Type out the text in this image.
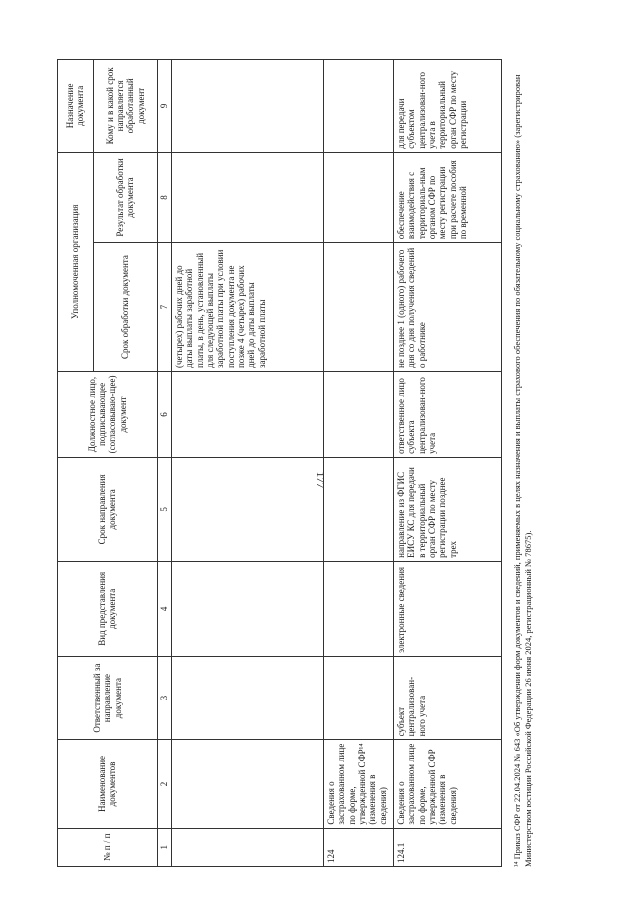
177
№ п / п	Наименование документов	Ответственный за направление документа	Вид представления документа	Срок направления документа	Должностное лицо, подписывающее (согласовываю-щее) документ	Уполномоченная организация		Назначение документа
						Срок обработки документа	Результат обработки документа	Кому и в какой срок направляется обработанный документ
1	2	3	4	5	6	7	8	9
						(четырех) рабочих дней до даты выплаты заработной платы, в день, установленный для следующей выплаты заработной платы при условии поступления документа не позже 4 (четырех) рабочих дней до даты выплаты заработной платы		
124	Сведения о застрахованном лице по форме, утвержденной СФР¹⁴ (изменения в сведения)							
124.1	Сведения о застрахованном лице по форме, утвержденной СФР (изменения в сведения)	субъект централизован-ного учета	электронные сведения	направление из ФГИС ЕИСУ КС для передачи в территориальный орган СФР по месту регистрации позднее трех	ответственное лицо субъекта централизован-ного учета	не позднее 1 (одного) рабочего дня со дня получения сведений о работнике	обеспечение взаимодействия с территориаль-ным органом СФР по месту регистрации при расчете пособия по временной	для передачи субъектом централизован-ного учета в территориальный орган СФР по месту регистрации	¹⁴ Приказ СФР от 22.04.2024 № 643 «Об утверждении форм документов и сведений, применяемых в целях назначения и выплаты страхового обеспечения по обязательному социальному страхованию» (зарегистрирован Министерством юстиции Российской Федерации 26 июня 2024, регистрационный № 78675).
